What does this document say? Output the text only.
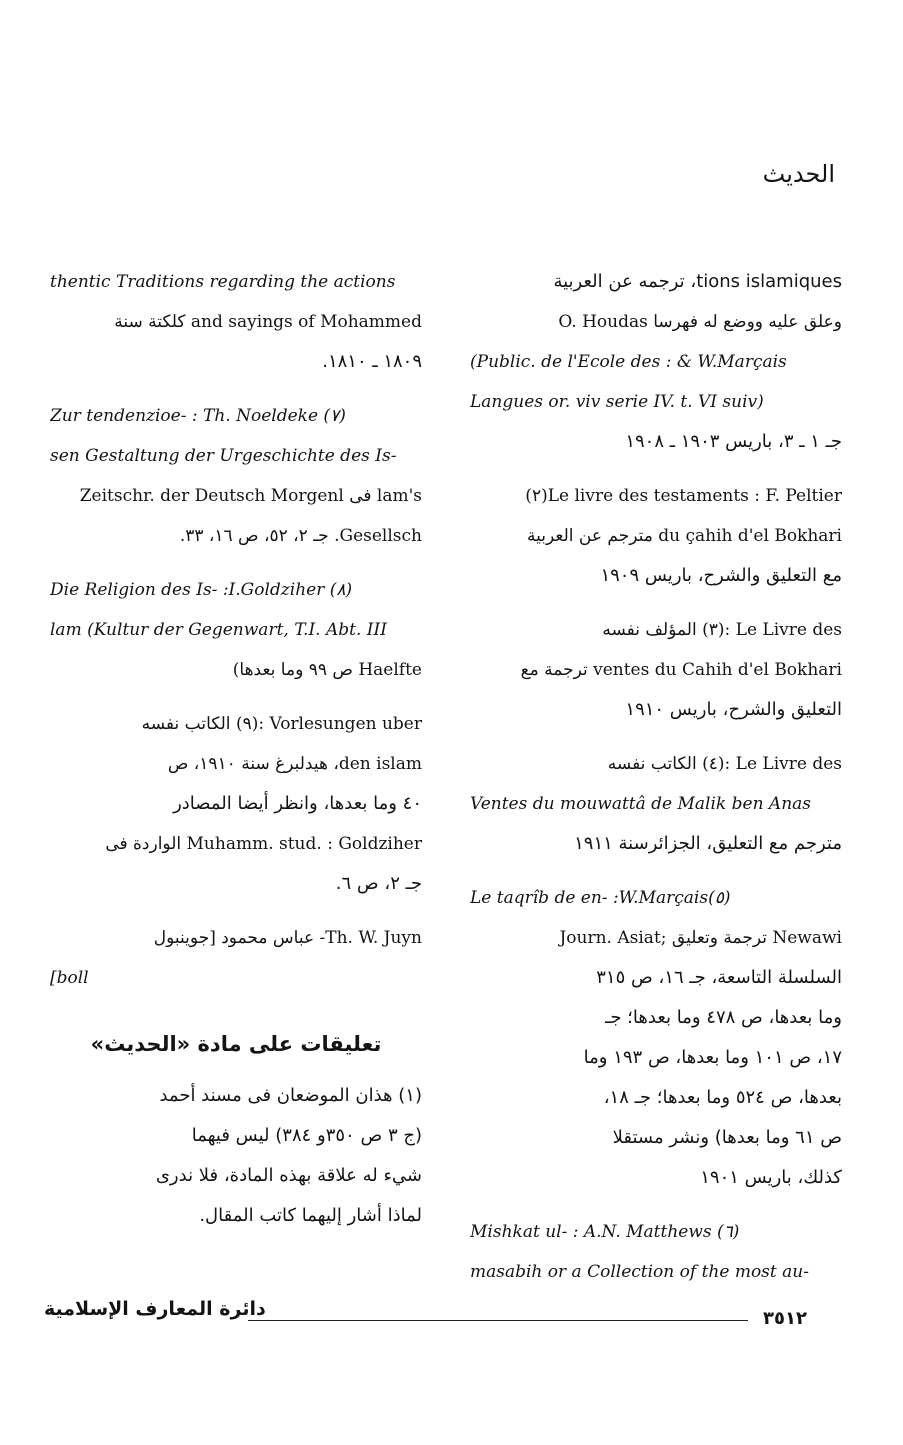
الحديث
tions islamiques، ترجمه عن العربية
وعلق عليه ووضع له فهرسا O. Houdas
(Public. de l'Ecole des : & W.Marçais
Langues or. viv serie IV. t. VI suiv)
جـ ١ ـ ٣، باريس ١٩٠٣ ـ ١٩٠٨
Le livre des testaments : F. Peltier(٢)
du çahih d'el Bokhari مترجم عن العربية
مع التعليق والشرح، باريس ١٩٠٩
Le Livre des :(٣) المؤلف نفسه
ventes du Cahih d'el Bokhari ترجمة مع
التعليق والشرح، باريس ١٩١٠
Le Livre des :(٤) الكاتب نفسه
Ventes du mouwattâ de Malik ben Anas
مترجم مع التعليق، الجزائرسنة ١٩١١
Le taqrîb de en- :W.Marçais(٥)
Newawi ترجمة وتعليق ;Journ. Asiat
السلسلة التاسعة، جـ ١٦، ص ٣١٥
وما بعدها، ص ٤٧٨ وما بعدها؛ جـ
١٧، ص ١٠١ وما بعدها، ص ١٩٣ وما
بعدها، ص ٥٢٤ وما بعدها؛ جـ ١٨،
ص ٦١ وما بعدها) ونشر مستقلا
كذلك، باريس ١٩٠١
Mishkat ul- : A.N. Matthews (٦)
masabih or a Collection of the most au-
thentic Traditions regarding the actions
and sayings of Mohammed كلكتة سنة
١٨٠٩ ـ ١٨١٠.
Zur tendenzioe- : Th. Noeldeke (٧)
sen Gestaltung der Urgeschichte des Is-
lam's فى Zeitschr. der Deutsch Morgenl
Gesellsch. جـ ٢، ٥٢، ص ١٦، ٣٣.
Die Religion des Is- :I.Goldziher (٨)
lam (Kultur der Gegenwart, T.I. Abt. III
Haelfte ص ٩٩ وما بعدها)
Vorlesungen uber :(٩) الكاتب نفسه
den islam، هيدلبرغ سنة ١٩١٠، ص
٤٠ وما بعدها، وانظر أيضا المصادر
Muhamm. stud. : Goldziher الواردة فى
جـ ٢، ص ٦.
Th. W. Juyn- عباس محمود [جوينبول
[boll
تعليقات على مادة «الحديث»
(١) هذان الموضعان فى مسند أحمد
(ج ٣ ص ٣٥٠و ٣٨٤) ليس فيهما
شيء له علاقة بهذه المادة، فلا ندرى
لماذا أشار إليهما كاتب المقال.
دائرة المعارف الإسلامية	٣٥١٢
